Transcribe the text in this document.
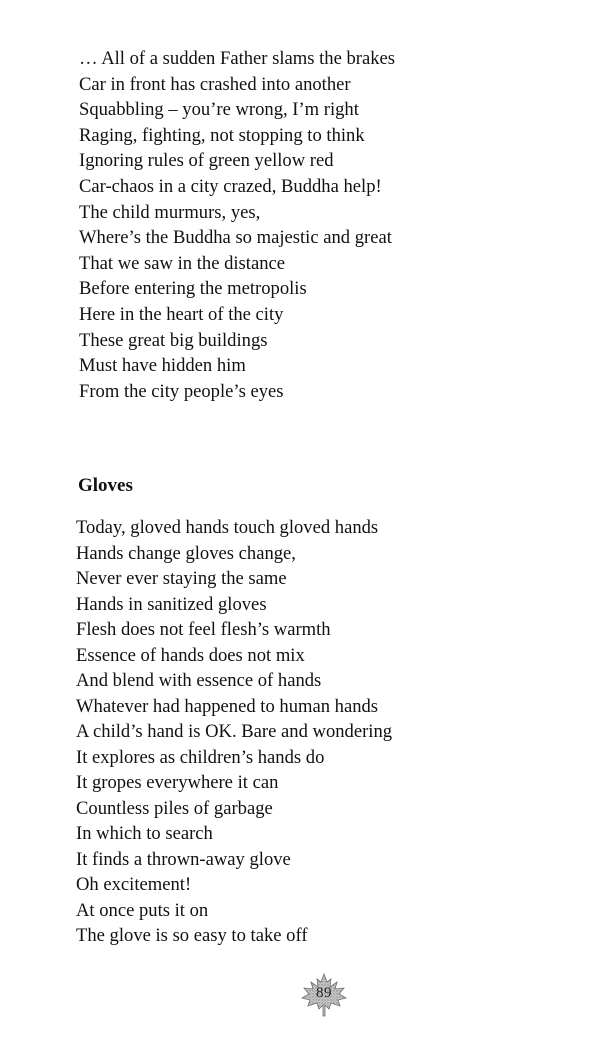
… All of a sudden Father slams the brakes
Car in front has crashed into another
Squabbling – you’re wrong, I’m right
Raging, fighting, not stopping to think
Ignoring rules of green yellow red
Car-chaos in a city crazed, Buddha help!
The child murmurs, yes,
Where’s the Buddha so majestic and great
That we saw in the distance
Before entering the metropolis
Here in the heart of the city
These great big buildings
Must have hidden him
From the city people’s eyes
Gloves
Today, gloved hands touch gloved hands
Hands change gloves change,
Never ever staying the same
Hands in sanitized gloves
Flesh does not feel flesh’s warmth
Essence of hands does not mix
And blend with essence of hands
Whatever had happened to human hands
A child’s hand is OK. Bare and wondering
It explores as children’s hands do
It gropes everywhere it can
Countless piles of garbage
In which to search
It finds a thrown-away glove
Oh excitement!
At once puts it on
The glove is so easy to take off
89
